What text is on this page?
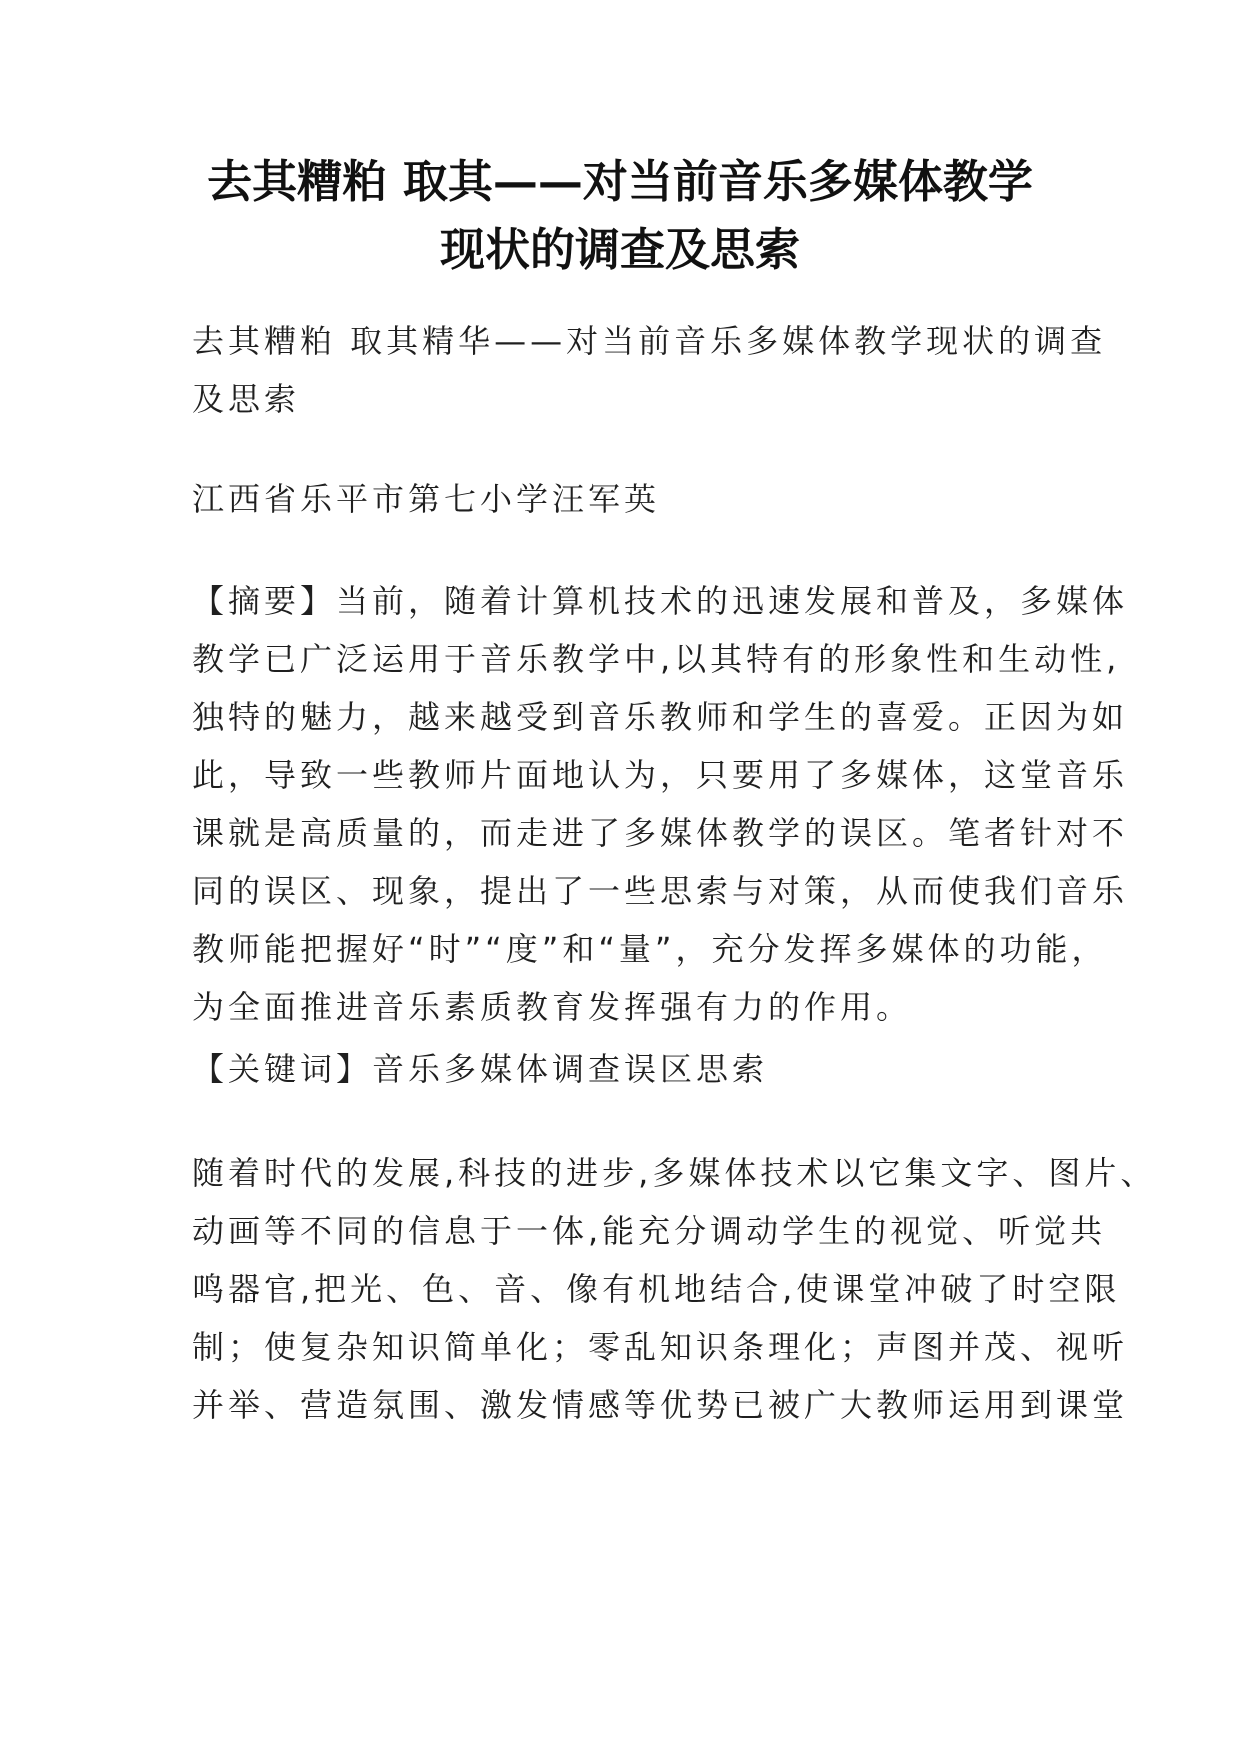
去其糟粕 取其——对当前音乐多媒体教学
现状的调查及思索

去其糟粕 取其精华——对当前音乐多媒体教学现状的调查
及思索

江西省乐平市第七小学汪军英

【摘要】当前，随着计算机技术的迅速发展和普及，多媒体
教学已广泛运用于音乐教学中,以其特有的形象性和生动性,
独特的魅力，越来越受到音乐教师和学生的喜爱。正因为如
此，导致一些教师片面地认为，只要用了多媒体，这堂音乐
课就是高质量的，而走进了多媒体教学的误区。笔者针对不
同的误区、现象，提出了一些思索与对策，从而使我们音乐
教师能把握好“时”“度”和“量”，充分发挥多媒体的功能，
为全面推进音乐素质教育发挥强有力的作用。

【关键词】音乐多媒体调查误区思索

随着时代的发展,科技的进步,多媒体技术以它集文字、图片、
动画等不同的信息于一体,能充分调动学生的视觉、听觉共
鸣器官,把光、色、音、像有机地结合,使课堂冲破了时空限
制；使复杂知识简单化；零乱知识条理化；声图并茂、视听
并举、营造氛围、激发情感等优势已被广大教师运用到课堂
